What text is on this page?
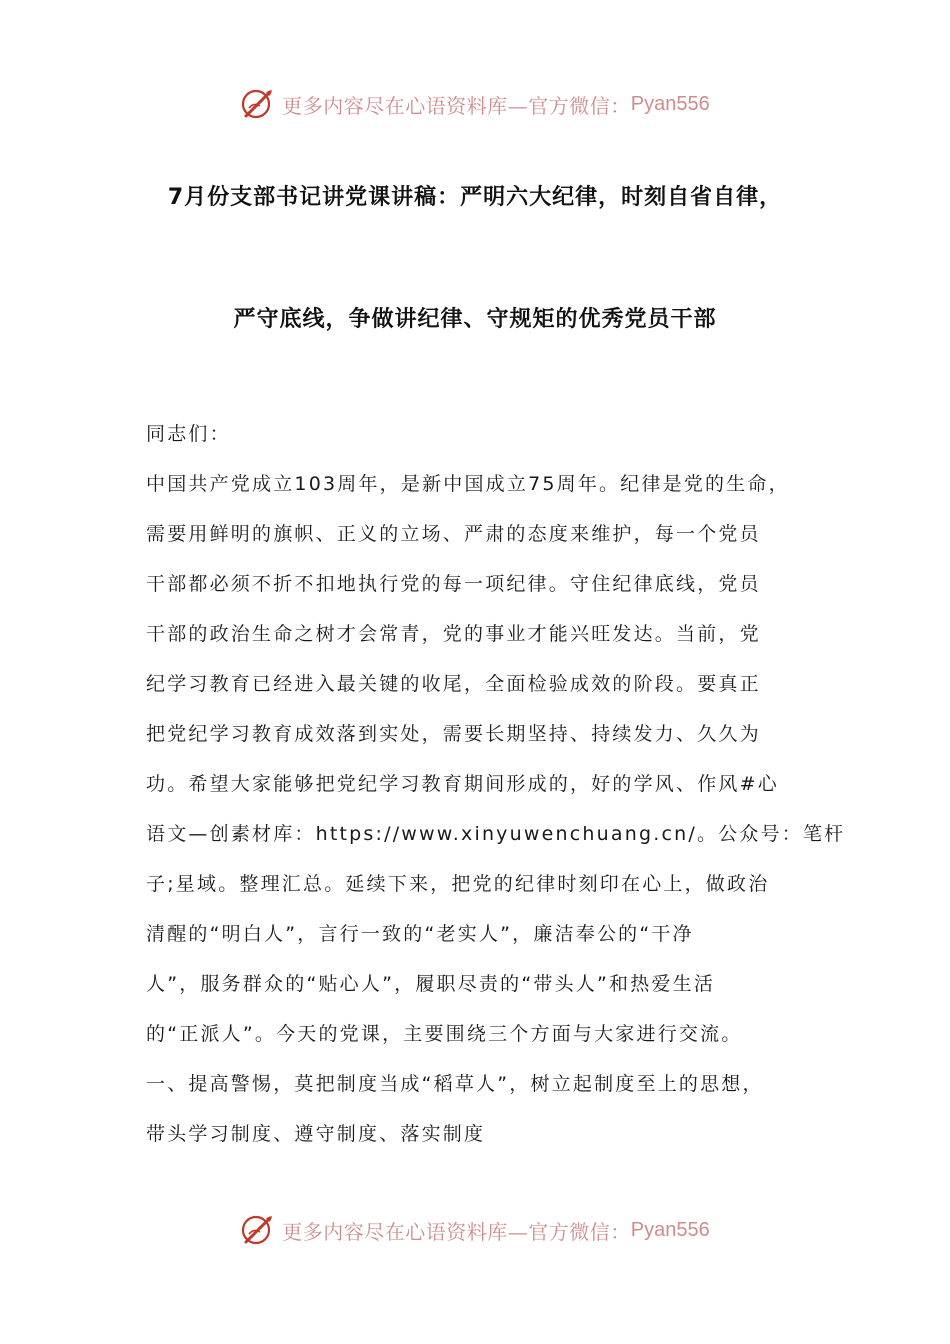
更多内容尽在心语资料库—官方微信： Pyan556
7月份支部书记讲党课讲稿：严明六大纪律，时刻自省自律，
严守底线，争做讲纪律、守规矩的优秀党员干部
同志们：
中国共产党成立103周年，是新中国成立75周年。纪律是党的生命，
需要用鲜明的旗帜、正义的立场、严肃的态度来维护，每一个党员
干部都必须不折不扣地执行党的每一项纪律。守住纪律底线，党员
干部的政治生命之树才会常青，党的事业才能兴旺发达。当前，党
纪学习教育已经进入最关键的收尾，全面检验成效的阶段。要真正
把党纪学习教育成效落到实处，需要长期坚持、持续发力、久久为
功。希望大家能够把党纪学习教育期间形成的，好的学风、作风#心
语文—创素材库：https://www.xinyuwenchuang.cn/。公众号：笔杆
子;星域。整理汇总。延续下来，把党的纪律时刻印在心上，做政治
清醒的“明白人”，言行一致的“老实人”，廉洁奉公的“干净
人”，服务群众的“贴心人”，履职尽责的“带头人”和热爱生活
的“正派人”。今天的党课，主要围绕三个方面与大家进行交流。
一、提高警惕，莫把制度当成“稻草人”，树立起制度至上的思想，
带头学习制度、遵守制度、落实制度
更多内容尽在心语资料库—官方微信： Pyan556
